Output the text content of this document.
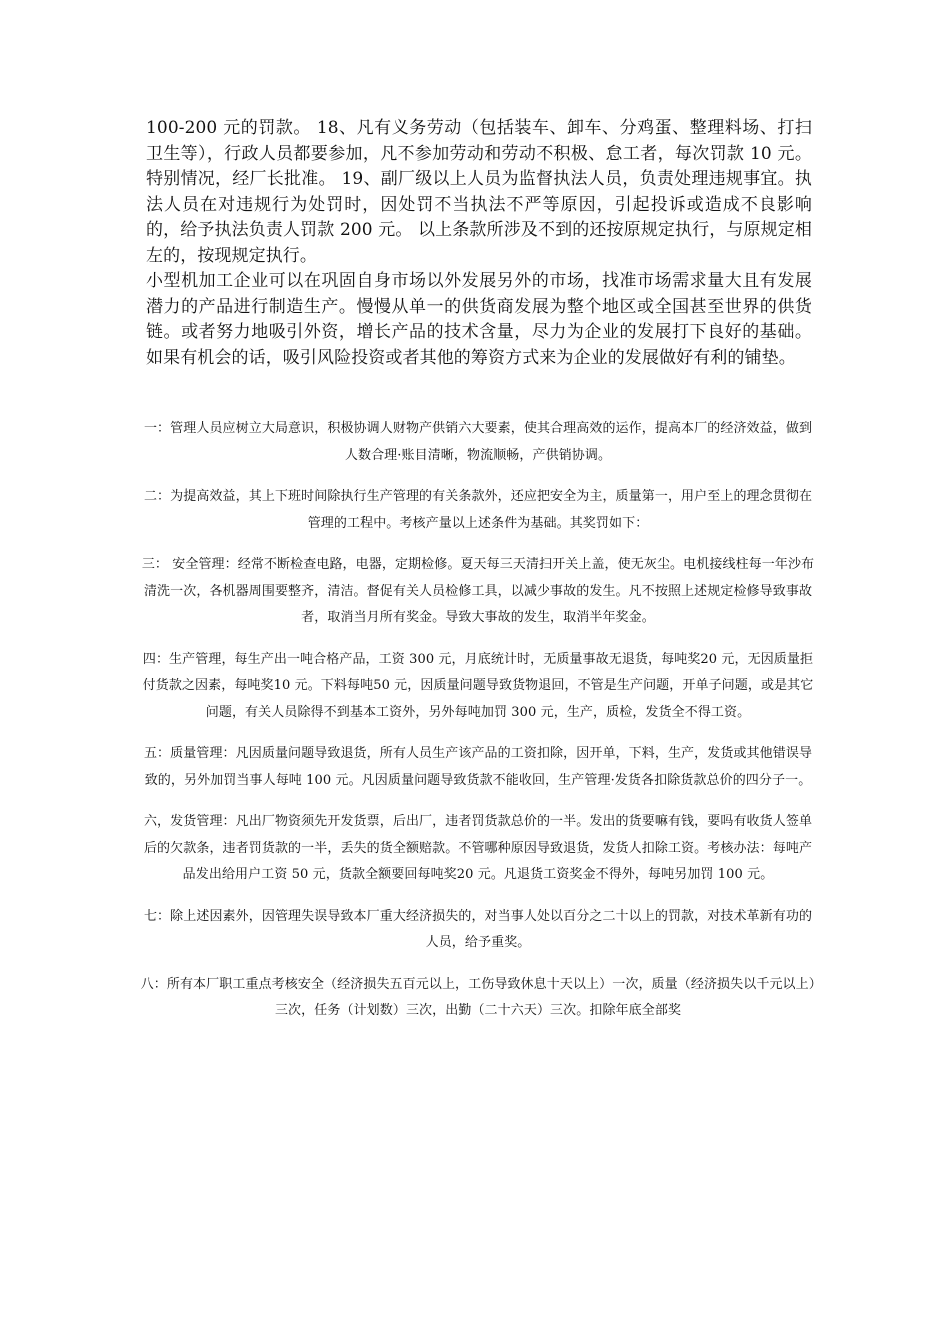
100-200 元的罚款。 18、凡有义务劳动（包括装车、卸车、分鸡蛋、整理料场、打扫卫生等），行政人员都要参加，凡不参加劳动和劳动不积极、怠工者，每次罚款 10 元。特别情况，经厂长批准。 19、副厂级以上人员为监督执法人员，负责处理违规事宜。执法人员在对违规行为处罚时，因处罚不当执法不严等原因，引起投诉或造成不良影响的，给予执法负责人罚款 200 元。 以上条款所涉及不到的还按原规定执行，与原规定相左的，按现规定执行。

小型机加工企业可以在巩固自身市场以外发展另外的市场，找准市场需求量大且有发展潜力的产品进行制造生产。慢慢从单一的供货商发展为整个地区或全国甚至世界的供货链。或者努力地吸引外资，增长产品的技术含量，尽力为企业的发展打下良好的基础。如果有机会的话，吸引风险投资或者其他的筹资方式来为企业的发展做好有利的铺垫。

一：管理人员应树立大局意识，积极协调人财物产供销六大要素，使其合理高效的运作，提高本厂的经济效益，做到人数合理·账目清晰，物流顺畅，产供销协调。

二：为提高效益，其上下班时间除执行生产管理的有关条款外，还应把安全为主，质量第一，用户至上的理念贯彻在管理的工程中。考核产量以上述条件为基础。其奖罚如下：

三： 安全管理：经常不断检查电路，电器，定期检修。夏天每三天清扫开关上盖，使无灰尘。电机接线柱每一年沙布清洗一次，各机器周围要整齐，清洁。督促有关人员检修工具，以减少事故的发生。凡不按照上述规定检修导致事故者，取消当月所有奖金。导致大事故的发生，取消半年奖金。

四：生产管理，每生产出一吨合格产品，工资 300 元，月底统计时，无质量事故无退货，每吨奖20 元，无因质量拒付货款之因素，每吨奖10 元。下料每吨50 元，因质量问题导致货物退回，不管是生产问题，开单子问题，或是其它问题，有关人员除得不到基本工资外，另外每吨加罚 300 元，生产，质检，发货全不得工资。

五：质量管理：凡因质量问题导致退货，所有人员生产该产品的工资扣除，因开单，下料，生产，发货或其他错误导致的，另外加罚当事人每吨 100 元。凡因质量问题导致货款不能收回，生产管理·发货各扣除货款总价的四分子一。

六，发货管理：凡出厂物资须先开发货票，后出厂，违者罚货款总价的一半。发出的货要嘛有钱，要吗有收货人签单后的欠款条，违者罚货款的一半，丢失的货全额赔款。不管哪种原因导致退货，发货人扣除工资。考核办法：每吨产品发出给用户工资 50 元，货款全额要回每吨奖20 元。凡退货工资奖金不得外，每吨另加罚 100 元。

七：除上述因素外，因管理失误导致本厂重大经济损失的，对当事人处以百分之二十以上的罚款，对技术革新有功的人员，给予重奖。

八：所有本厂职工重点考核安全（经济损失五百元以上，工伤导致休息十天以上）一次，质量（经济损失以千元以上）三次，任务（计划数）三次，出勤（二十六天）三次。扣除年底全部奖
